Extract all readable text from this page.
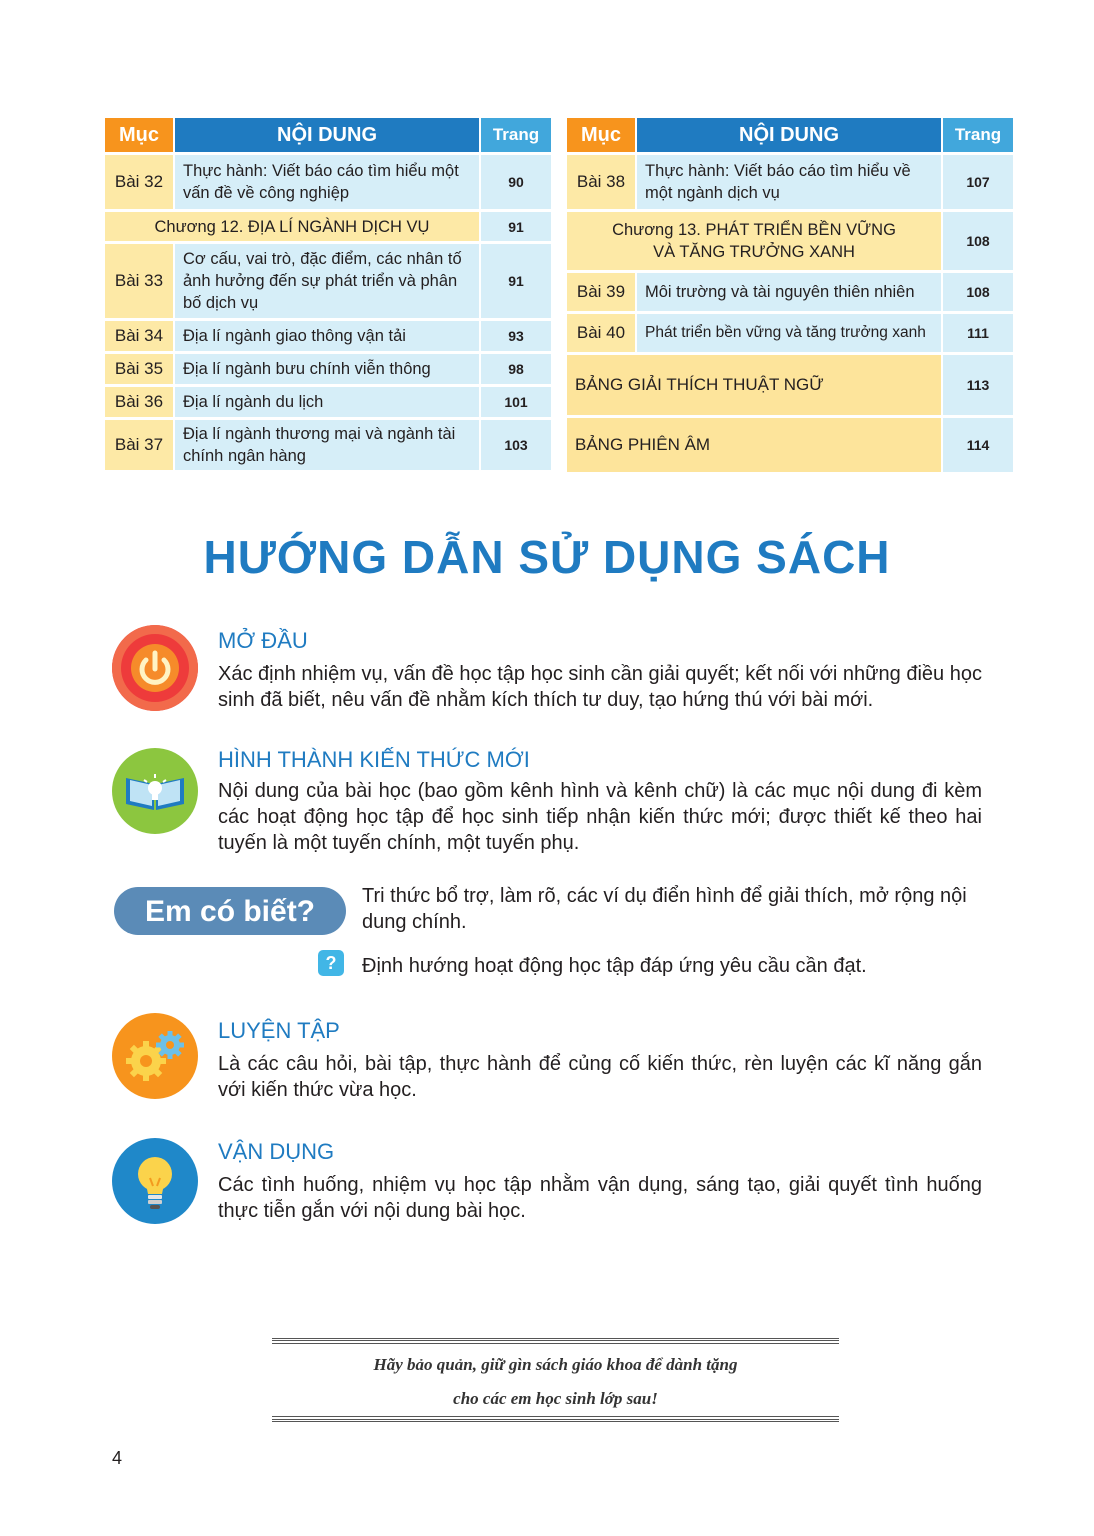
Mục	NỘI DUNG	Trang
Bài 32	Thực hành: Viết báo cáo tìm hiểu một vấn đề về công nghiệp	90
Chương 12. ĐỊA LÍ NGÀNH DỊCH VỤ		91
Bài 33	Cơ cấu, vai trò, đặc điểm, các nhân tố ảnh hưởng đến sự phát triển và phân bố dịch vụ	91
Bài 34	Địa lí ngành giao thông vận tải	93
Bài 35	Địa lí ngành bưu chính viễn thông	98
Bài 36	Địa lí ngành du lịch	101
Bài 37	Địa lí ngành thương mại và ngành tài chính ngân hàng	103
Mục	NỘI DUNG	Trang
Bài 38	Thực hành: Viết báo cáo tìm hiểu về một ngành dịch vụ	107

Chương 13. PHÁT TRIỂN BỀN VỮNG
VÀ TĂNG TRƯỞNG XANH		108
Bài 39	Môi trường và tài nguyên thiên nhiên	108
Bài 40	Phát triển bền vững và tăng trưởng xanh	111
BẢNG GIẢI THÍCH THUẬT NGỮ		113
BẢNG PHIÊN ÂM		114
HƯỚNG DẪN SỬ DỤNG SÁCH
MỞ ĐẦU
Xác định nhiệm vụ, vấn đề học tập học sinh cần giải quyết; kết nối với những điều học sinh đã biết, nêu vấn đề nhằm kích thích tư duy, tạo hứng thú với bài mới.
HÌNH THÀNH KIẾN THỨC MỚI
Nội dung của bài học (bao gồm kênh hình và kênh chữ) là các mục nội dung đi kèm các hoạt động học tập để học sinh tiếp nhận kiến thức mới; được thiết kế theo hai tuyến là một tuyến chính, một tuyến phụ.
Em có biết?	Tri thức bổ trợ, làm rõ, các ví dụ điển hình để giải thích, mở rộng nội dung chính.
?	Định hướng hoạt động học tập đáp ứng yêu cầu cần đạt.
LUYỆN TẬP
Là các câu hỏi, bài tập, thực hành để củng cố kiến thức, rèn luyện các kĩ năng gắn với kiến thức vừa học.
VẬN DỤNG
Các tình huống, nhiệm vụ học tập nhằm vận dụng, sáng tạo, giải quyết tình huống thực tiễn gắn với nội dung bài học.
Hãy bảo quản, giữ gìn sách giáo khoa để dành tặng
cho các em học sinh lớp sau!
4
